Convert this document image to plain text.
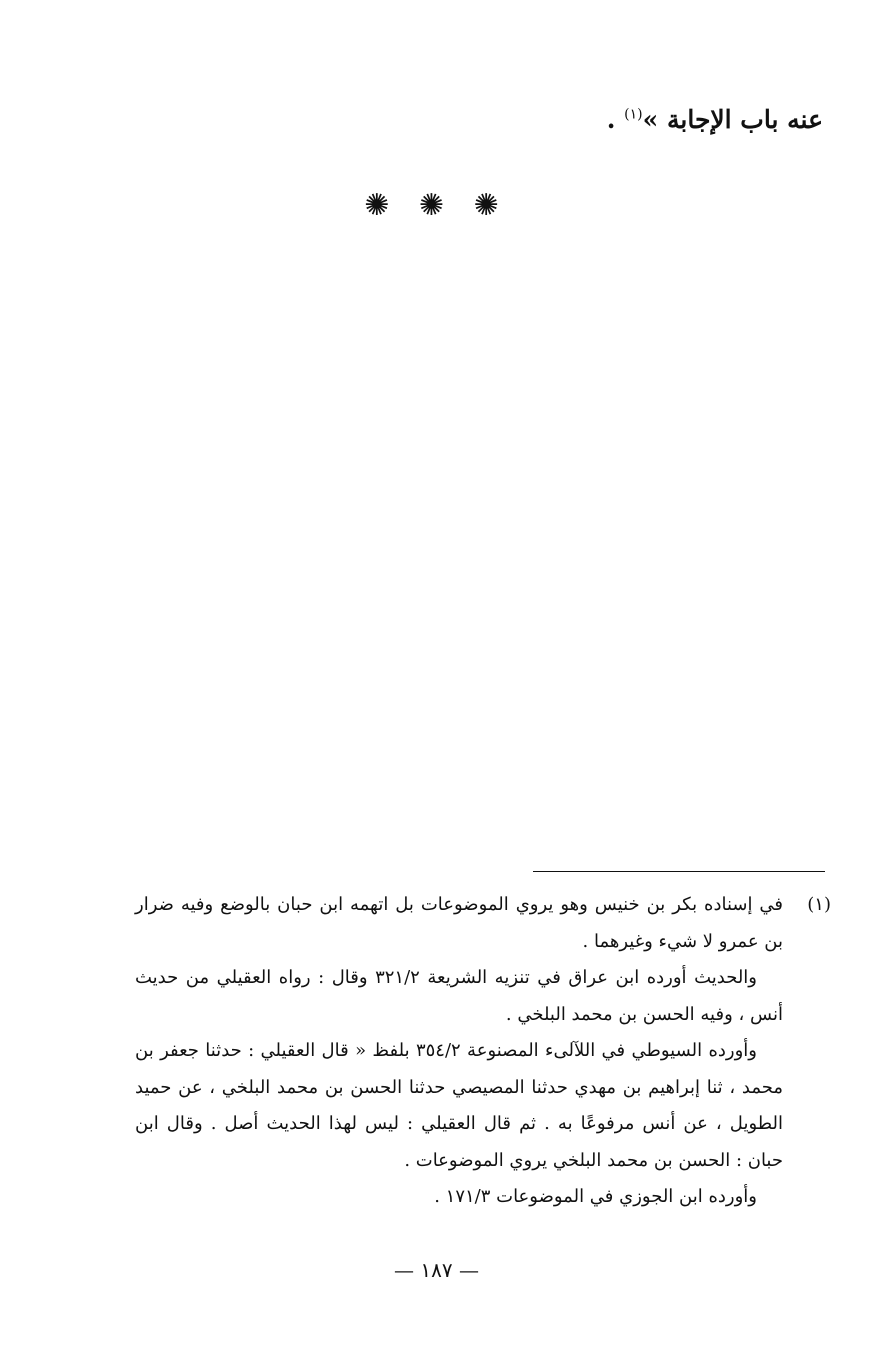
عنه باب الإجابة »$^{(١)}$ .
✺ ✺ ✺
(١)

في إسناده بكر بن خنيس وهو يروي الموضوعات بل اتهمه ابن حبان بالوضع وفيه ضرار بن عمرو لا شيء وغيرهما .

والحديث أورده ابن عراق في تنزيه الشريعة ٣٢١/٢ وقال : رواه العقيلي من حديث أنس ، وفيه الحسن بن محمد البلخي .

وأورده السيوطي في اللآلىء المصنوعة ٣٥٤/٢ بلفظ « قال العقيلي : حدثنا جعفر بن محمد ، ثنا إبراهيم بن مهدي حدثنا المصيصي حدثنا الحسن بن محمد البلخي ، عن حميد الطويل ، عن أنس مرفوعًا به . ثم قال العقيلي : ليس لهذا الحديث أصل . وقال ابن حبان : الحسن بن محمد البلخي يروي الموضوعات .

وأورده ابن الجوزي في الموضوعات ١٧١/٣ .

— ١٨٧ —
